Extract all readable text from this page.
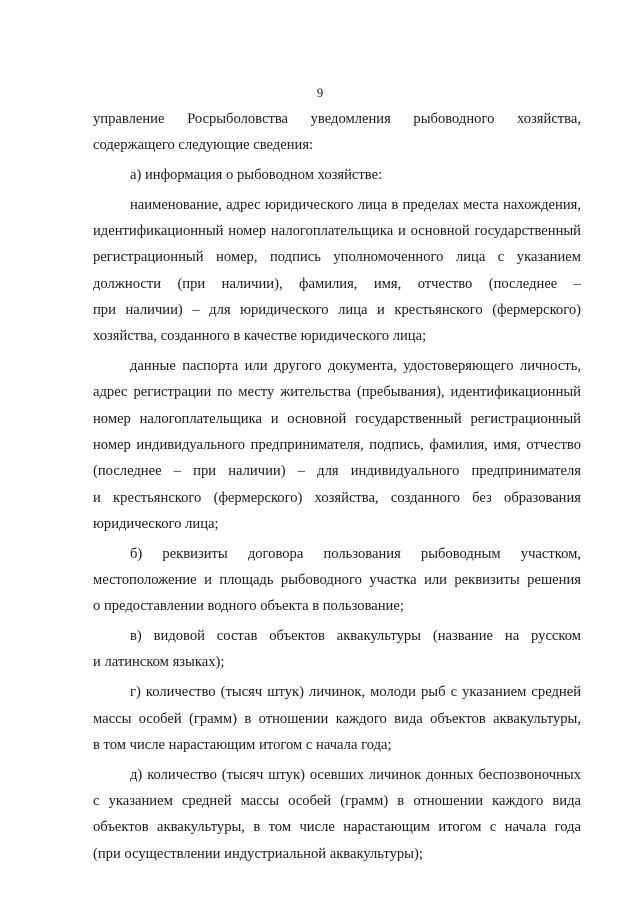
9
управление Росрыболовства уведомления рыбоводного хозяйства,
содержащего следующие сведения:
а) информация о рыбоводном хозяйстве:
наименование, адрес юридического лица в пределах места нахождения,
идентификационный номер налогоплательщика и основной государственный
регистрационный номер, подпись уполномоченного лица с указанием
должности (при наличии), фамилия, имя, отчество (последнее –
при наличии) – для юридического лица и крестьянского (фермерского)
хозяйства, созданного в качестве юридического лица;
данные паспорта или другого документа, удостоверяющего личность,
адрес регистрации по месту жительства (пребывания), идентификационный
номер налогоплательщика и основной государственный регистрационный
номер индивидуального предпринимателя, подпись, фамилия, имя, отчество
(последнее – при наличии) – для индивидуального предпринимателя
и крестьянского (фермерского) хозяйства, созданного без образования
юридического лица;
б) реквизиты договора пользования рыбоводным участком,
местоположение и площадь рыбоводного участка или реквизиты решения
о предоставлении водного объекта в пользование;
в) видовой состав объектов аквакультуры (название на русском
и латинском языках);
г) количество (тысяч штук) личинок, молоди рыб с указанием средней
массы особей (грамм) в отношении каждого вида объектов аквакультуры,
в том числе нарастающим итогом с начала года;
д) количество (тысяч штук) осевших личинок донных беспозвоночных
с указанием средней массы особей (грамм) в отношении каждого вида
объектов аквакультуры, в том числе нарастающим итогом с начала года
(при осуществлении индустриальной аквакультуры);
